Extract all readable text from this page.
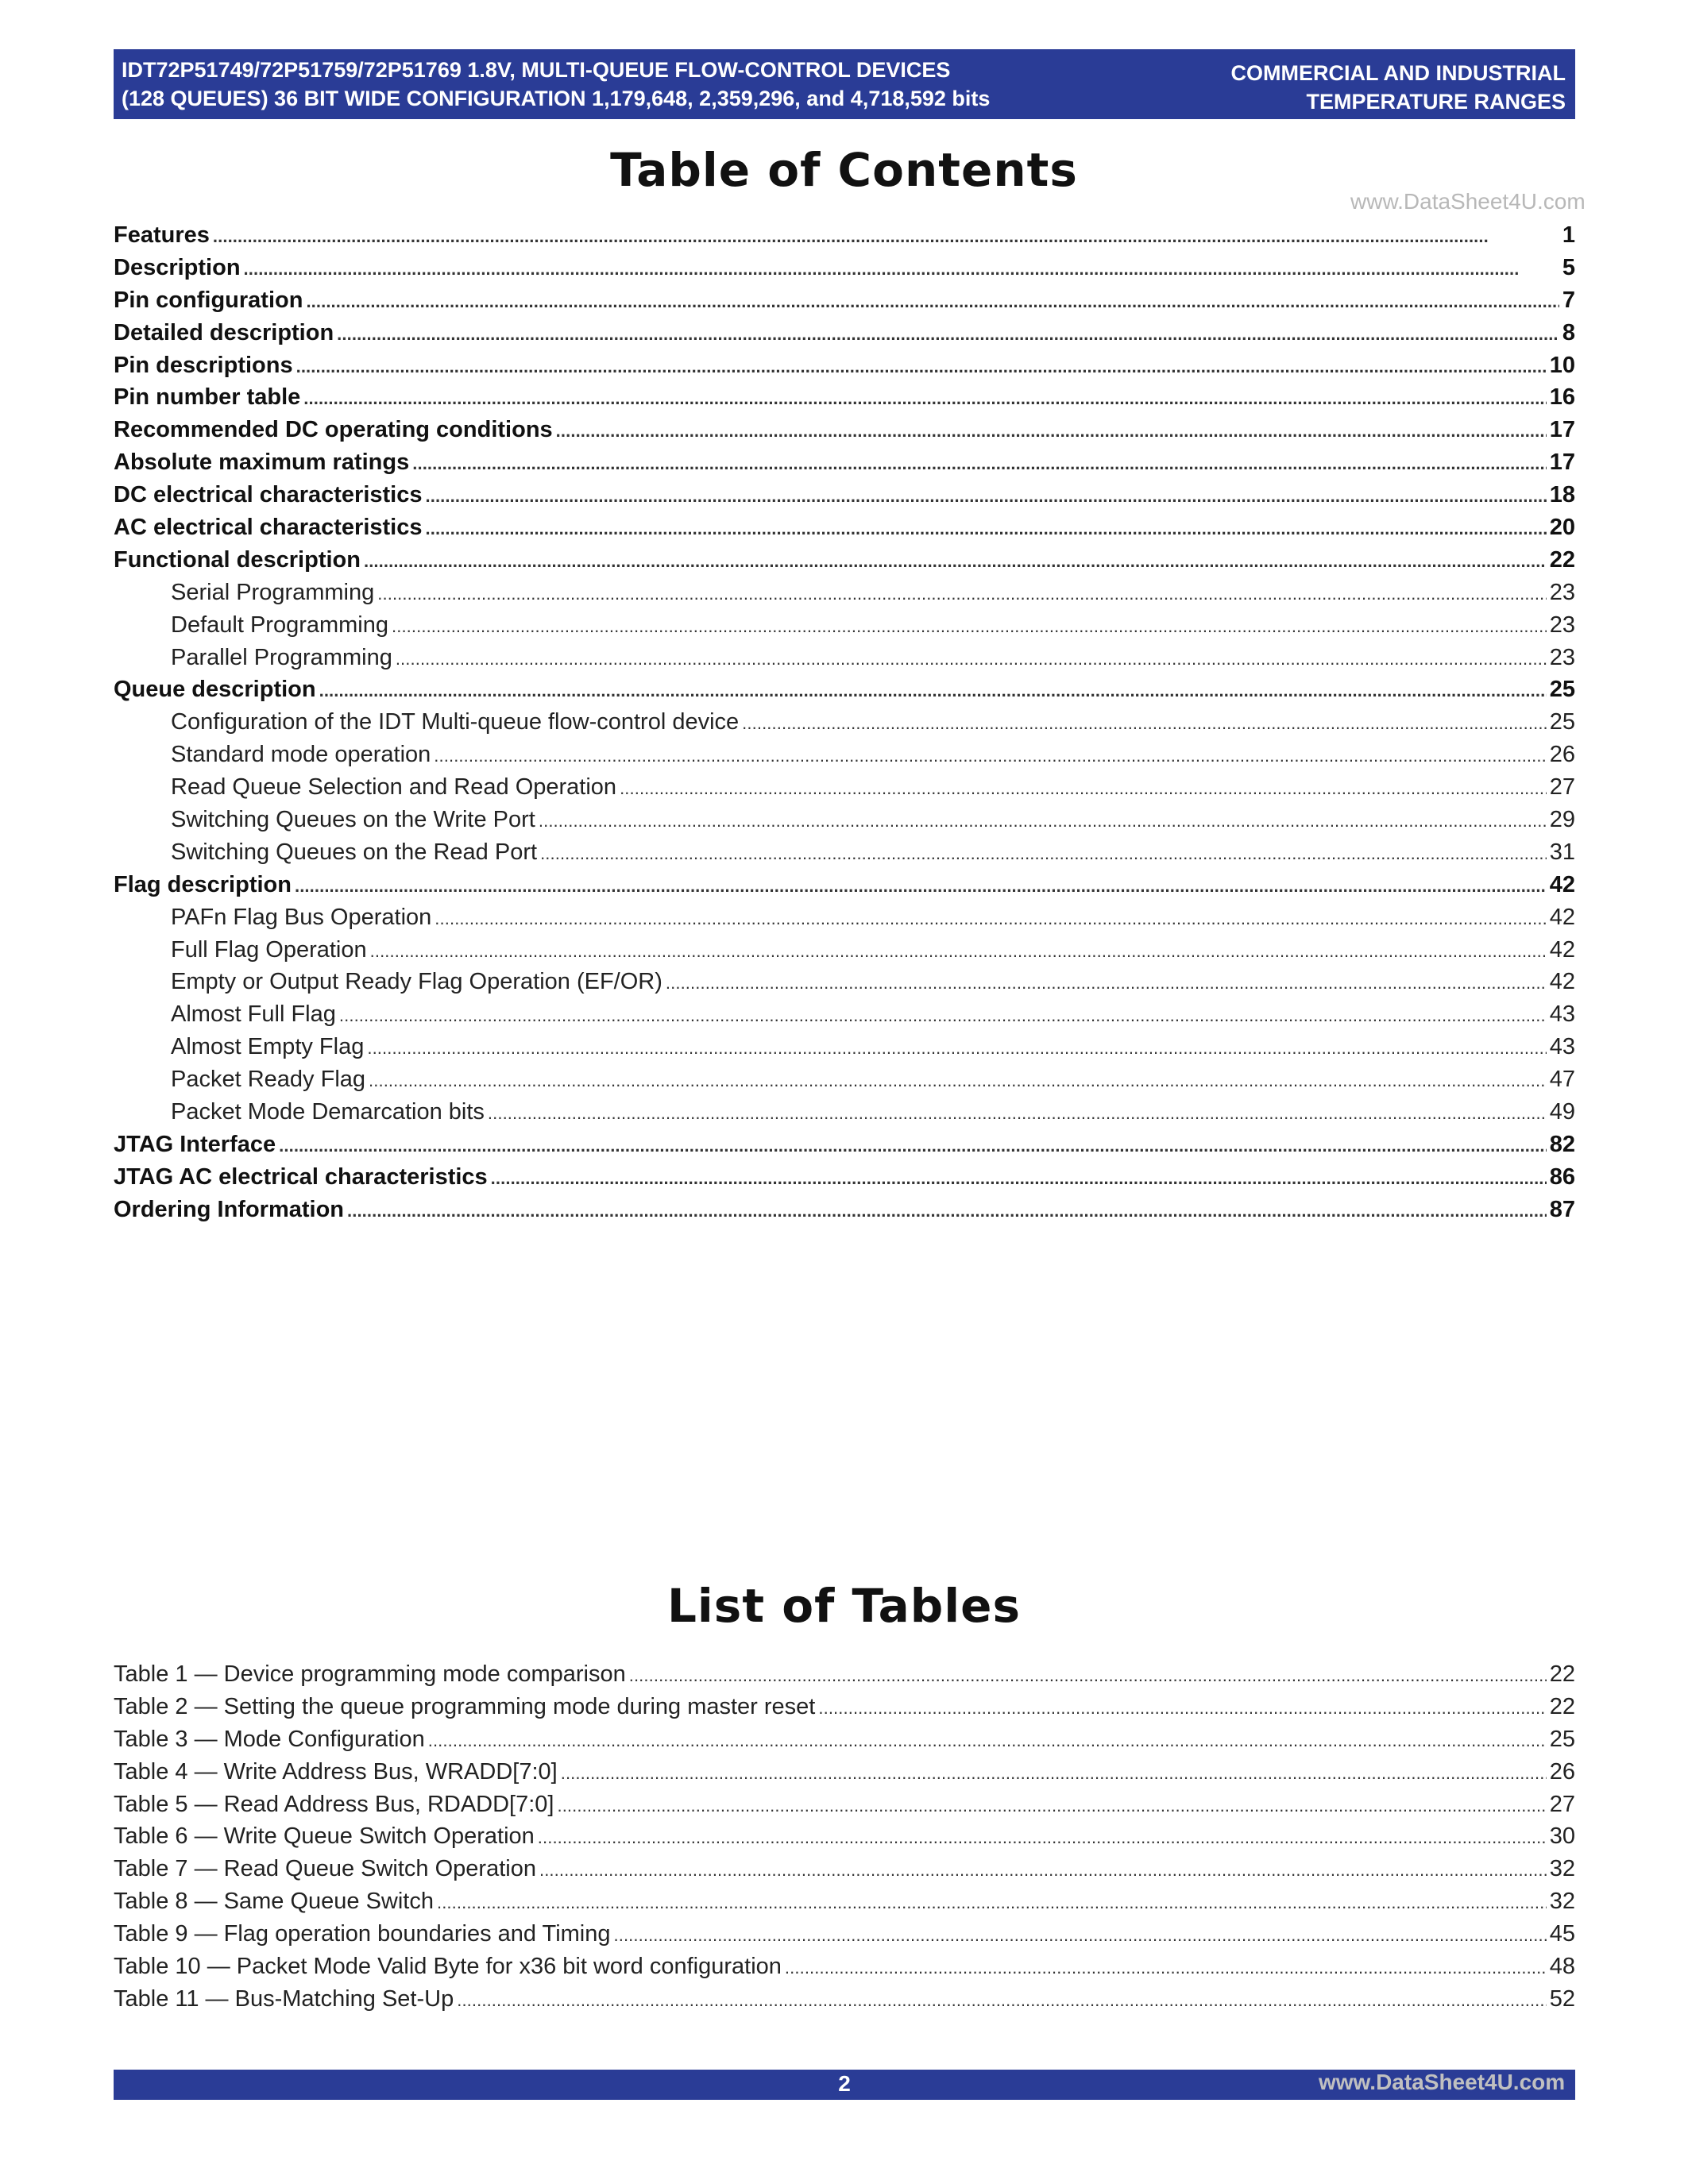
IDT72P51749/72P51759/72P51769 1.8V, MULTI-QUEUE FLOW-CONTROL DEVICES
(128 QUEUES) 36 BIT WIDE CONFIGURATION 1,179,648, 2,359,296, and 4,718,592 bits
COMMERCIAL AND INDUSTRIAL
TEMPERATURE RANGES
Table of Contents
www.DataSheet4U.com
Features . . .	1
Description . . .	5
Pin configuration . . .	7
Detailed description . . .	8
Pin descriptions . . .	10
Pin number table . . .	16
Recommended DC operating conditions . . .	17
Absolute maximum ratings . . .	17
DC electrical characteristics . . .	18
AC electrical characteristics . . .	20
Functional description . . .	22
Serial Programming . . .	23
Default Programming . . .	23
Parallel Programming . . .	23
Queue description . . .	25
Configuration of the IDT Multi-queue flow-control device . . .	25
Standard mode operation . . .	26
Read Queue Selection and Read Operation . . .	27
Switching Queues on the Write Port . . .	29
Switching Queues on the Read Port . . .	31
Flag description . . .	42
PAFn Flag Bus Operation . . .	42
Full Flag Operation . . .	42
Empty or Output Ready Flag Operation (EF/OR) . . .	42
Almost Full Flag . . .	43
Almost Empty Flag . . .	43
Packet Ready Flag . . .	47
Packet Mode Demarcation bits . . .	49
JTAG Interface . . .	82
JTAG AC electrical characteristics . . .	86
Ordering Information . . .	87
List of Tables
Table 1 — Device programming mode comparison . . .	22
Table 2 — Setting the queue programming mode during master reset . . .	22
Table 3 — Mode Configuration . . .	25
Table 4 — Write Address Bus, WRADD[7:0] . . .	26
Table 5 — Read Address Bus, RDADD[7:0] . . .	27
Table 6 — Write Queue Switch Operation . . .	30
Table 7 — Read Queue Switch Operation . . .	32
Table 8 — Same Queue Switch . . .	32
Table 9 — Flag operation boundaries and Timing . . .	45
Table 10 — Packet Mode Valid Byte for x36 bit word configuration . . .	48
Table 11 — Bus-Matching Set-Up . . .	52
2	www.DataSheet4U.com
